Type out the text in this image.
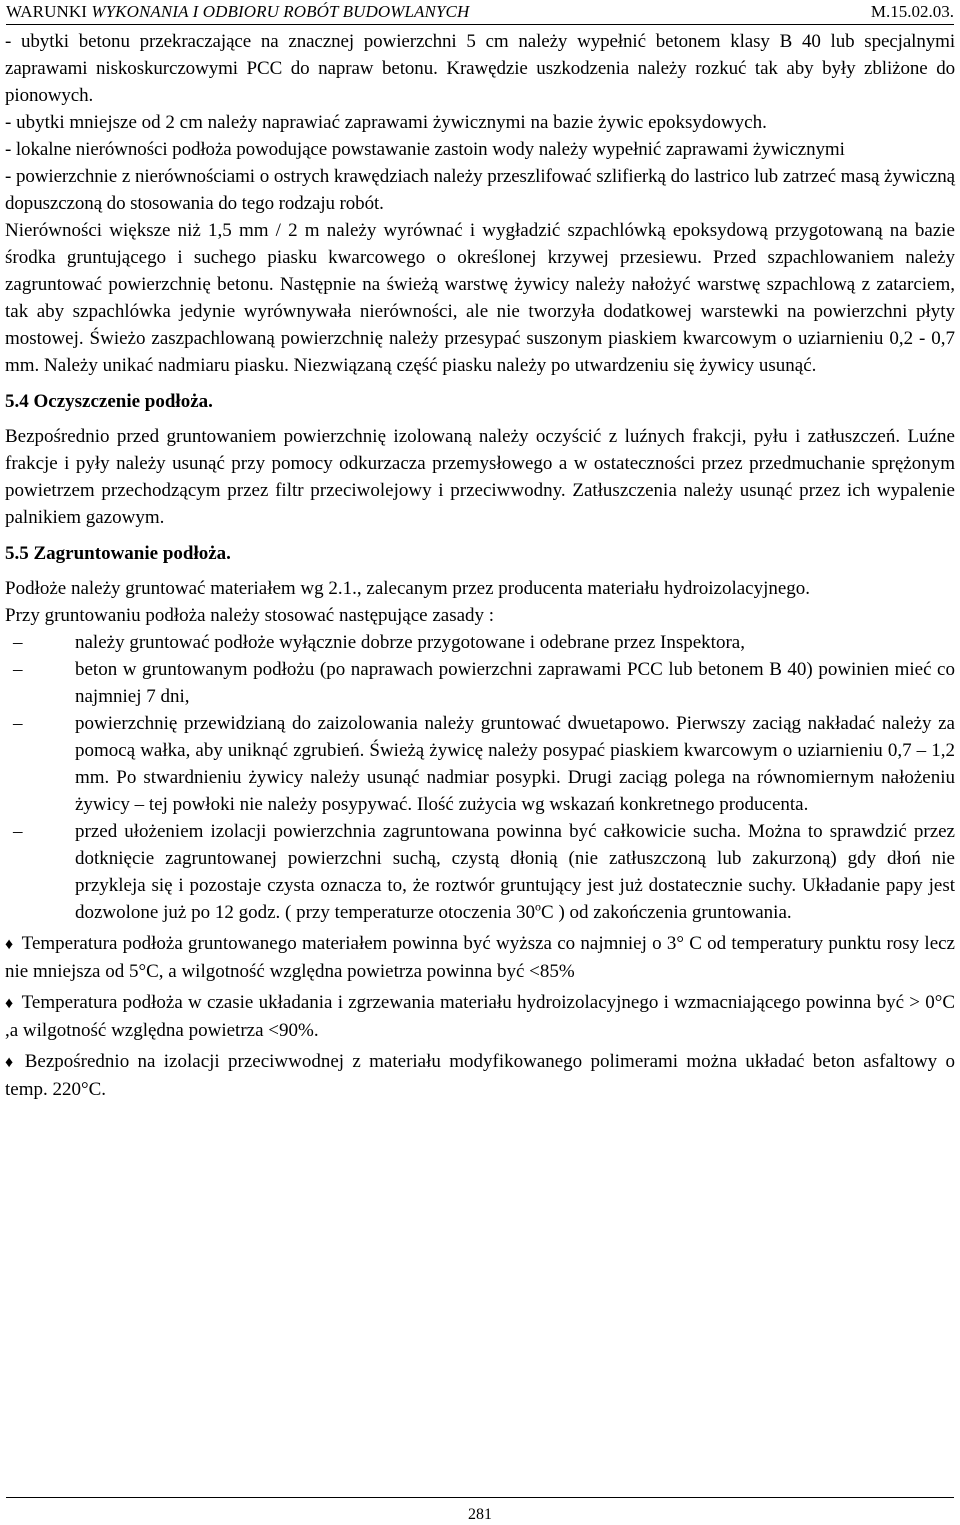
WARUNKI WYKONANIA I ODBIORU ROBÓT BUDOWLANYCH	M.15.02.03.
- ubytki betonu przekraczające na znacznej powierzchni 5 cm należy wypełnić betonem klasy B 40 lub specjalnymi zaprawami niskoskurczowymi PCC do napraw betonu. Krawędzie uszkodzenia należy rozkuć tak aby były zbliżone do pionowych.
- ubytki mniejsze od 2 cm należy naprawiać zaprawami żywicznymi na bazie żywic epoksydowych.
- lokalne nierówności podłoża powodujące powstawanie zastoin wody należy wypełnić zaprawami żywicznymi
- powierzchnie z nierównościami o ostrych krawędziach należy przeszlifować szlifierką do lastrico lub zatrzeć masą żywiczną dopuszczoną do stosowania do tego rodzaju robót.
Nierówności większe niż 1,5 mm / 2 m należy wyrównać i wygładzić szpachlówką epoksydową przygotowaną na bazie środka gruntującego i suchego piasku kwarcowego o określonej krzywej przesiewu. Przed szpachlowaniem należy zagruntować powierzchnię betonu. Następnie na świeżą warstwę żywicy należy nałożyć warstwę szpachlową z zatarciem, tak aby szpachlówka jedynie wyrównywała nierówności, ale nie tworzyła dodatkowej warstewki na powierzchni płyty mostowej. Świeżo zaszpachlowaną powierzchnię należy przesypać suszonym piaskiem kwarcowym o uziarnieniu 0,2 - 0,7 mm. Należy unikać nadmiaru piasku. Niezwiązaną część piasku należy po utwardzeniu się żywicy usunąć.
5.4 Oczyszczenie podłoża.
Bezpośrednio przed gruntowaniem powierzchnię izolowaną należy oczyścić z luźnych frakcji, pyłu i zatłuszczeń. Luźne frakcje i pyły należy usunąć przy pomocy odkurzacza przemysłowego a w ostateczności przez przedmuchanie sprężonym powietrzem przechodzącym przez filtr przeciwolejowy i przeciwwodny. Zatłuszczenia należy usunąć przez ich wypalenie palnikiem gazowym.
5.5 Zagruntowanie podłoża.
Podłoże należy gruntować materiałem wg 2.1., zalecanym przez producenta materiału hydroizolacyjnego.
Przy gruntowaniu podłoża należy stosować następujące zasady :
–	należy gruntować podłoże wyłącznie dobrze przygotowane i odebrane przez Inspektora,
–	beton w gruntowanym podłożu (po naprawach powierzchni zaprawami PCC lub betonem B 40) powinien mieć co najmniej 7 dni,
–	powierzchnię przewidzianą do zaizolowania należy gruntować dwuetapowo. Pierwszy zaciąg nakładać należy za pomocą wałka, aby uniknąć zgrubień. Świeżą żywicę należy posypać piaskiem kwarcowym o uziarnieniu 0,7 – 1,2 mm. Po stwardnieniu żywicy należy usunąć nadmiar posypki. Drugi zaciąg polega na równomiernym nałożeniu żywicy – tej powłoki nie należy posypywać. Ilość zużycia wg wskazań konkretnego producenta.
–	przed ułożeniem izolacji powierzchnia zagruntowana powinna być całkowicie sucha. Można to sprawdzić przez dotknięcie zagruntowanej powierzchni suchą, czystą dłonią (nie zatłuszczoną lub zakurzoną) gdy dłoń nie przykleja się i pozostaje czysta oznacza to, że roztwór gruntujący jest już dostatecznie suchy. Układanie papy jest dozwolone już po 12 godz. ( przy temperaturze otoczenia 30$^o$C ) od zakończenia gruntowania.
♦ Temperatura podłoża gruntowanego materiałem powinna być wyższa co najmniej o 3° C od temperatury punktu rosy lecz nie mniejsza od 5°C, a wilgotność względna powietrza powinna być <85%
♦ Temperatura podłoża w czasie układania i zgrzewania materiału hydroizolacyjnego i wzmacniającego powinna być > 0°C ,a wilgotność względna powietrza <90%.
♦ Bezpośrednio na izolacji przeciwwodnej z materiału modyfikowanego polimerami można układać beton asfaltowy o temp. 220°C.
281
